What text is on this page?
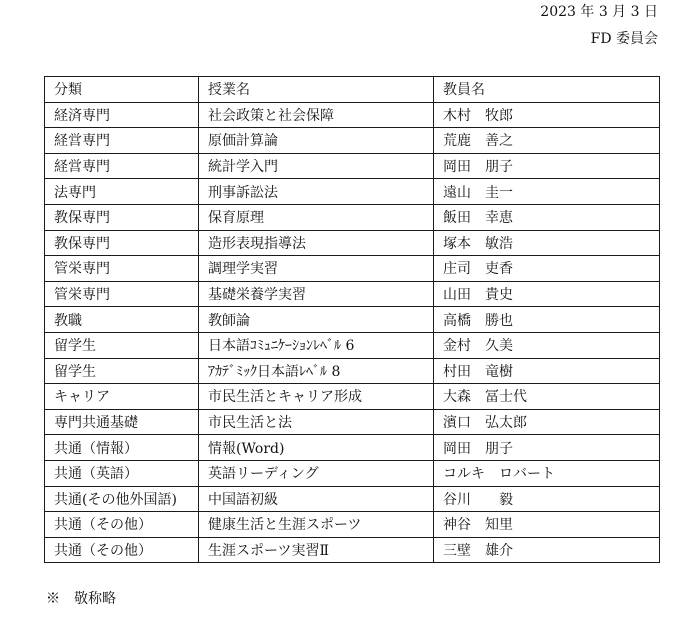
2023 年 3 月 3 日
FD 委員会
分類	授業名	教員名
経済専門	社会政策と社会保障	木村　牧郎
経営専門	原価計算論	荒鹿　善之
経営専門	統計学入門	岡田　朋子
法専門	刑事訴訟法	遠山　圭一
教保専門	保育原理	飯田　幸恵
教保専門	造形表現指導法	塚本　敏浩
管栄専門	調理学実習	庄司　吏香
管栄専門	基礎栄養学実習	山田　貴史
教職	教師論	高橋　勝也
留学生	日本語ｺﾐｭﾆｹｰｼｮﾝﾚﾍﾞﾙ 6	金村　久美
留学生	ｱｶﾃﾞﾐｯｸ日本語ﾚﾍﾞﾙ 8	村田　竜樹
キャリア	市民生活とキャリア形成	大森　冨士代
専門共通基礎	市民生活と法	濱口　弘太郎
共通（情報）	情報(Word)	岡田　朋子
共通（英語）	英語リーディング	コルキ　ロバート
共通(その他外国語)	中国語初級	谷川　　毅
共通（その他）	健康生活と生涯スポーツ	神谷　知里
共通（その他）	生涯スポーツ実習Ⅱ	三壁　雄介
※　敬称略
